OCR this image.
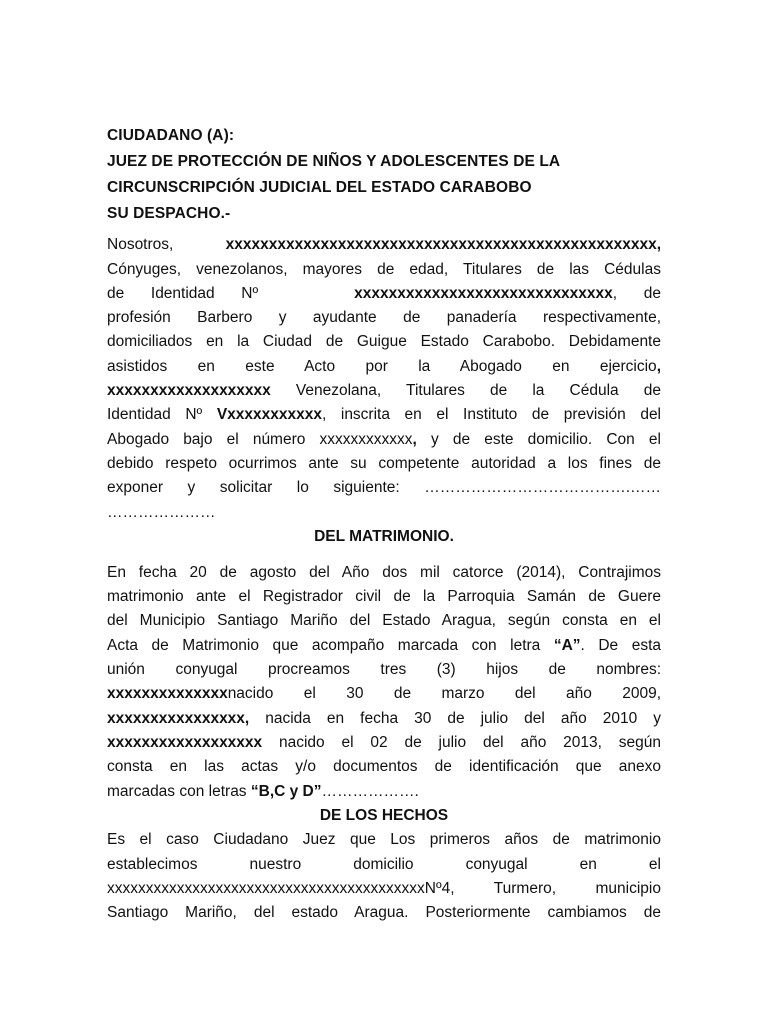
CIUDADANO (A):
JUEZ DE PROTECCIÓN DE NIÑOS Y ADOLESCENTES DE LA
CIRCUNSCRIPCIÓN JUDICIAL DEL ESTADO CARABOBO
SU DESPACHO.-
Nosotros,	xxxxxxxxxxxxxxxxxxxxxxxxxxxxxxxxxxxxxxxxxxxxxxxxxx,
Cónyuges, venezolanos, mayores de edad, Titulares de las Cédulas
de Identidad Nº	xxxxxxxxxxxxxxxxxxxxxxxxxxxxxx, de
profesión Barbero y ayudante de panadería respectivamente,
domiciliados en la Ciudad de Guigue Estado Carabobo. Debidamente
asistidos en este Acto por la Abogado en ejercicio,
xxxxxxxxxxxxxxxxxxx Venezolana, Titulares de la Cédula de
Identidad Nº Vxxxxxxxxxxx, inscrita en el Instituto de previsión del
Abogado bajo el número xxxxxxxxxxxx, y de este domicilio. Con el
debido respeto ocurrimos ante su competente autoridad a los fines de
exponer y solicitar lo siguiente: ………………………………….……
…………………
DEL MATRIMONIO.
En fecha 20 de agosto del Año dos mil catorce (2014), Contrajimos
matrimonio ante el Registrador civil de la Parroquia Samán de Guere
del Municipio Santiago Mariño del Estado Aragua, según consta en el
Acta de Matrimonio que acompaño marcada con letra “A”. De esta
unión conyugal procreamos tres (3) hijos de nombres:
xxxxxxxxxxxxxxnacido el 30 de marzo del año 2009,
xxxxxxxxxxxxxxxx, nacida en fecha 30 de julio del año 2010 y
xxxxxxxxxxxxxxxxxx nacido el 02 de julio del año 2013, según
consta en las actas y/o documentos de identificación que anexo
marcadas con letras “B,C y D”……………….
DE LOS HECHOS
Es el caso Ciudadano Juez que Los primeros años de matrimonio
establecimos nuestro domicilio conyugal en el
xxxxxxxxxxxxxxxxxxxxxxxxxxxxxxxxxxxxxxxxxNº4, Turmero, municipio
Santiago Mariño, del estado Aragua. Posteriormente cambiamos de
